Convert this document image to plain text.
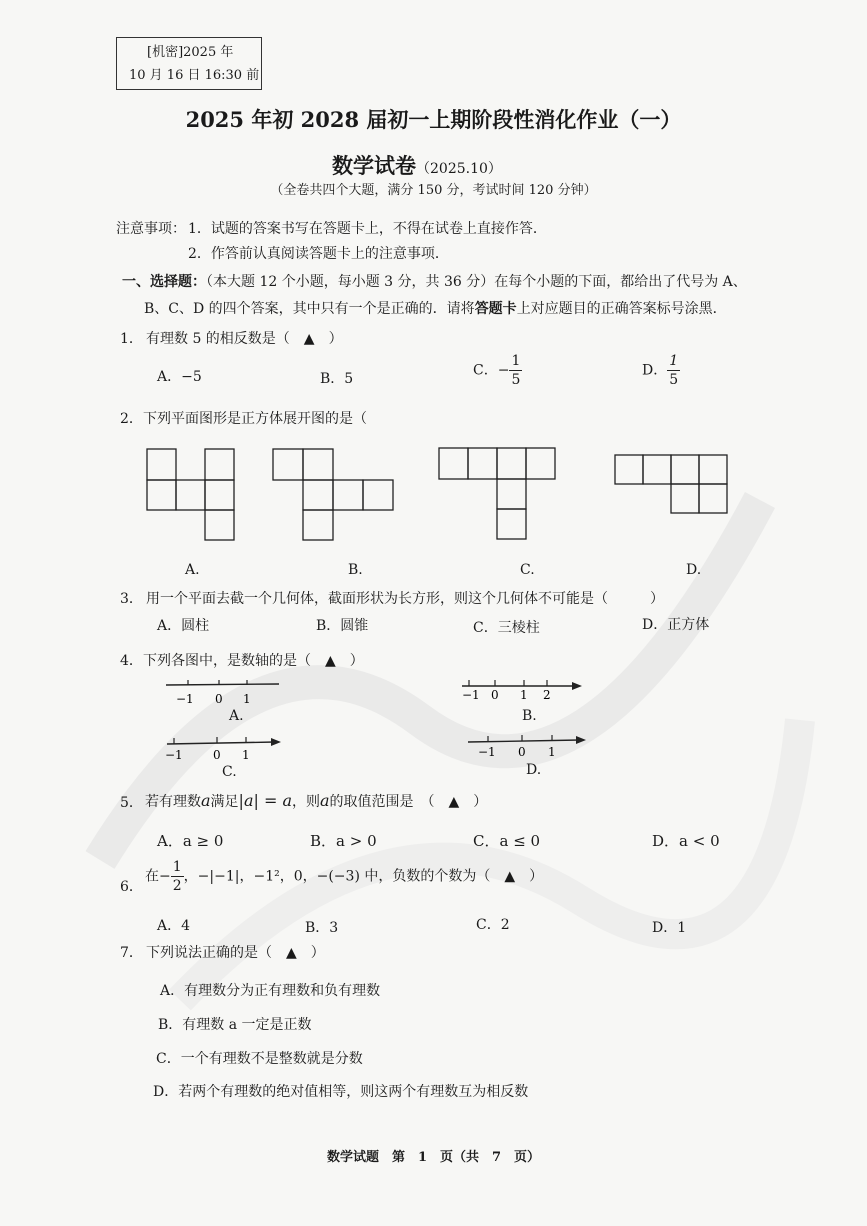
[机密]2025 年
10 月 16 日 16:30 前
2025 年初 2028 届初一上期阶段性消化作业（一）
数学试卷（2025.10）
（全卷共四个大题，满分 150 分，考试时间 120 分钟）
注意事项： 1．试题的答案书写在答题卡上，不得在试卷上直接作答．
2．作答前认真阅读答题卡上的注意事项．
一、选择题：（本大题 12 个小题，每小题 3 分，共 36 分）在每个小题的下面，都给出了代号为 A、
B、C、D 的四个答案，其中只有一个是正确的．请将答题卡上对应题目的正确答案标号涂黑．
1． 有理数 5 的相反数是（　▲　）
A．−5	B．5
C．− $\frac{1}{5}$	D． $\frac{1}{5}$
2． 下列平面图形是正方体展开图的是（
A.	B.	C.	D.
3． 用一个平面去截一个几何体，截面形状为长方形，则这个几何体不可能是（　　　）
A．圆柱	B．圆锥	C．三棱柱	D．正方体
4． 下列各图中，是数轴的是（　▲　）
−1 0 1
A.
−1 0 1 2
B.
−1	0 1
C.
−1 0 1
D.
5． 若有理数a满足|a| = a，则a的取值范围是　（　▲　）
A．a ≥ 0	B．a > 0	C．a ≤ 0	D．a < 0
6．
在− $\frac{1}{2}$ ，−|−1|，−1²，0，−(−3) 中，负数的个数为（　▲　）
A．4	B．3	C．2	D．1
7． 下列说法正确的是（　▲　）
A．有理数分为正有理数和负有理数
B．有理数 a 一定是正数
C．一个有理数不是整数就是分数
D．若两个有理数的绝对值相等，则这两个有理数互为相反数
数学试题　第　1　页（共　7　页）
